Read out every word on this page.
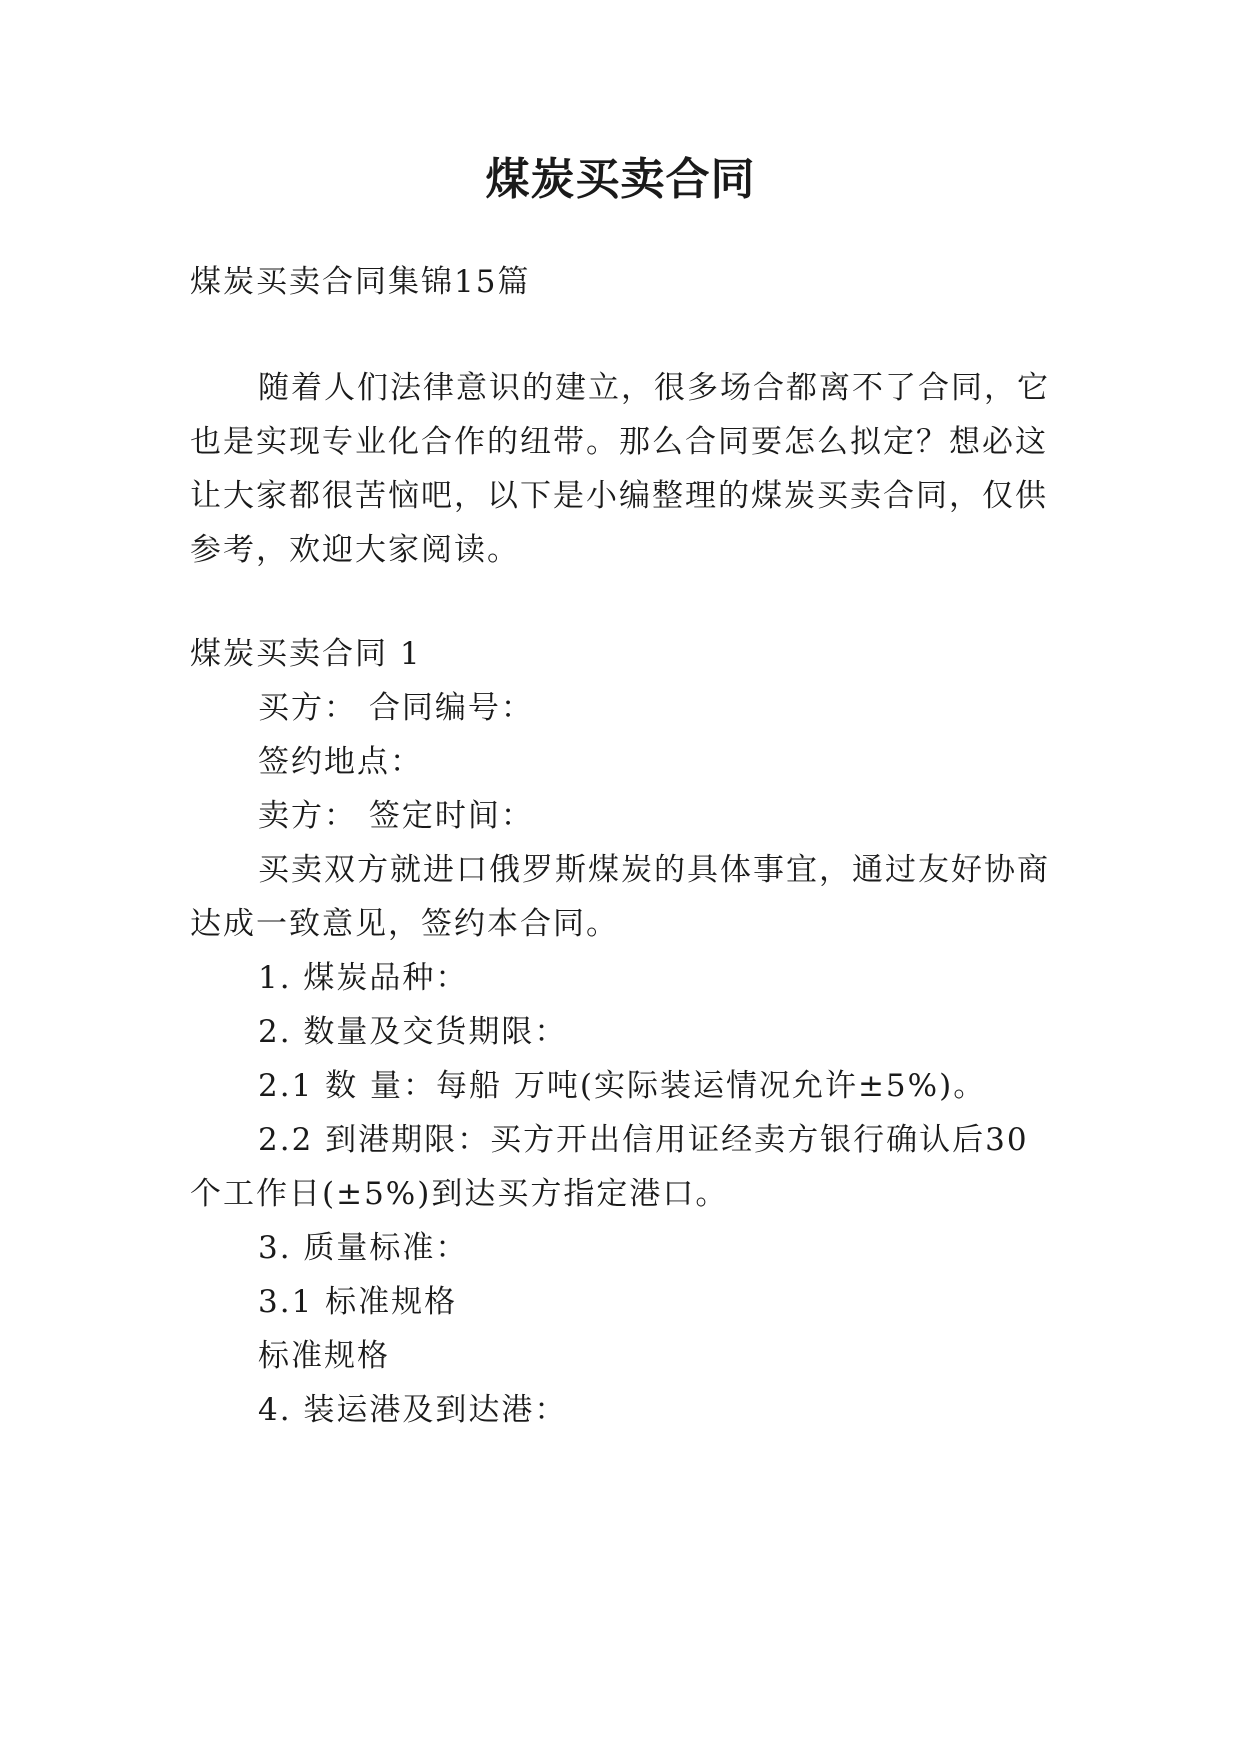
煤炭买卖合同
煤炭买卖合同集锦15篇
随着人们法律意识的建立，很多场合都离不了合同，它
也是实现专业化合作的纽带。那么合同要怎么拟定？想必这
让大家都很苦恼吧，以下是小编整理的煤炭买卖合同，仅供
参考，欢迎大家阅读。
煤炭买卖合同 1
买方： 合同编号：
签约地点：
卖方： 签定时间：
买卖双方就进口俄罗斯煤炭的具体事宜，通过友好协商
达成一致意见，签约本合同。
1. 煤炭品种：
2. 数量及交货期限：
2.1 数 量：每船 万吨(实际装运情况允许±5%)。
2.2 到港期限：买方开出信用证经卖方银行确认后30
个工作日(±5%)到达买方指定港口。
3. 质量标准：
3.1 标准规格
标准规格
4. 装运港及到达港：
